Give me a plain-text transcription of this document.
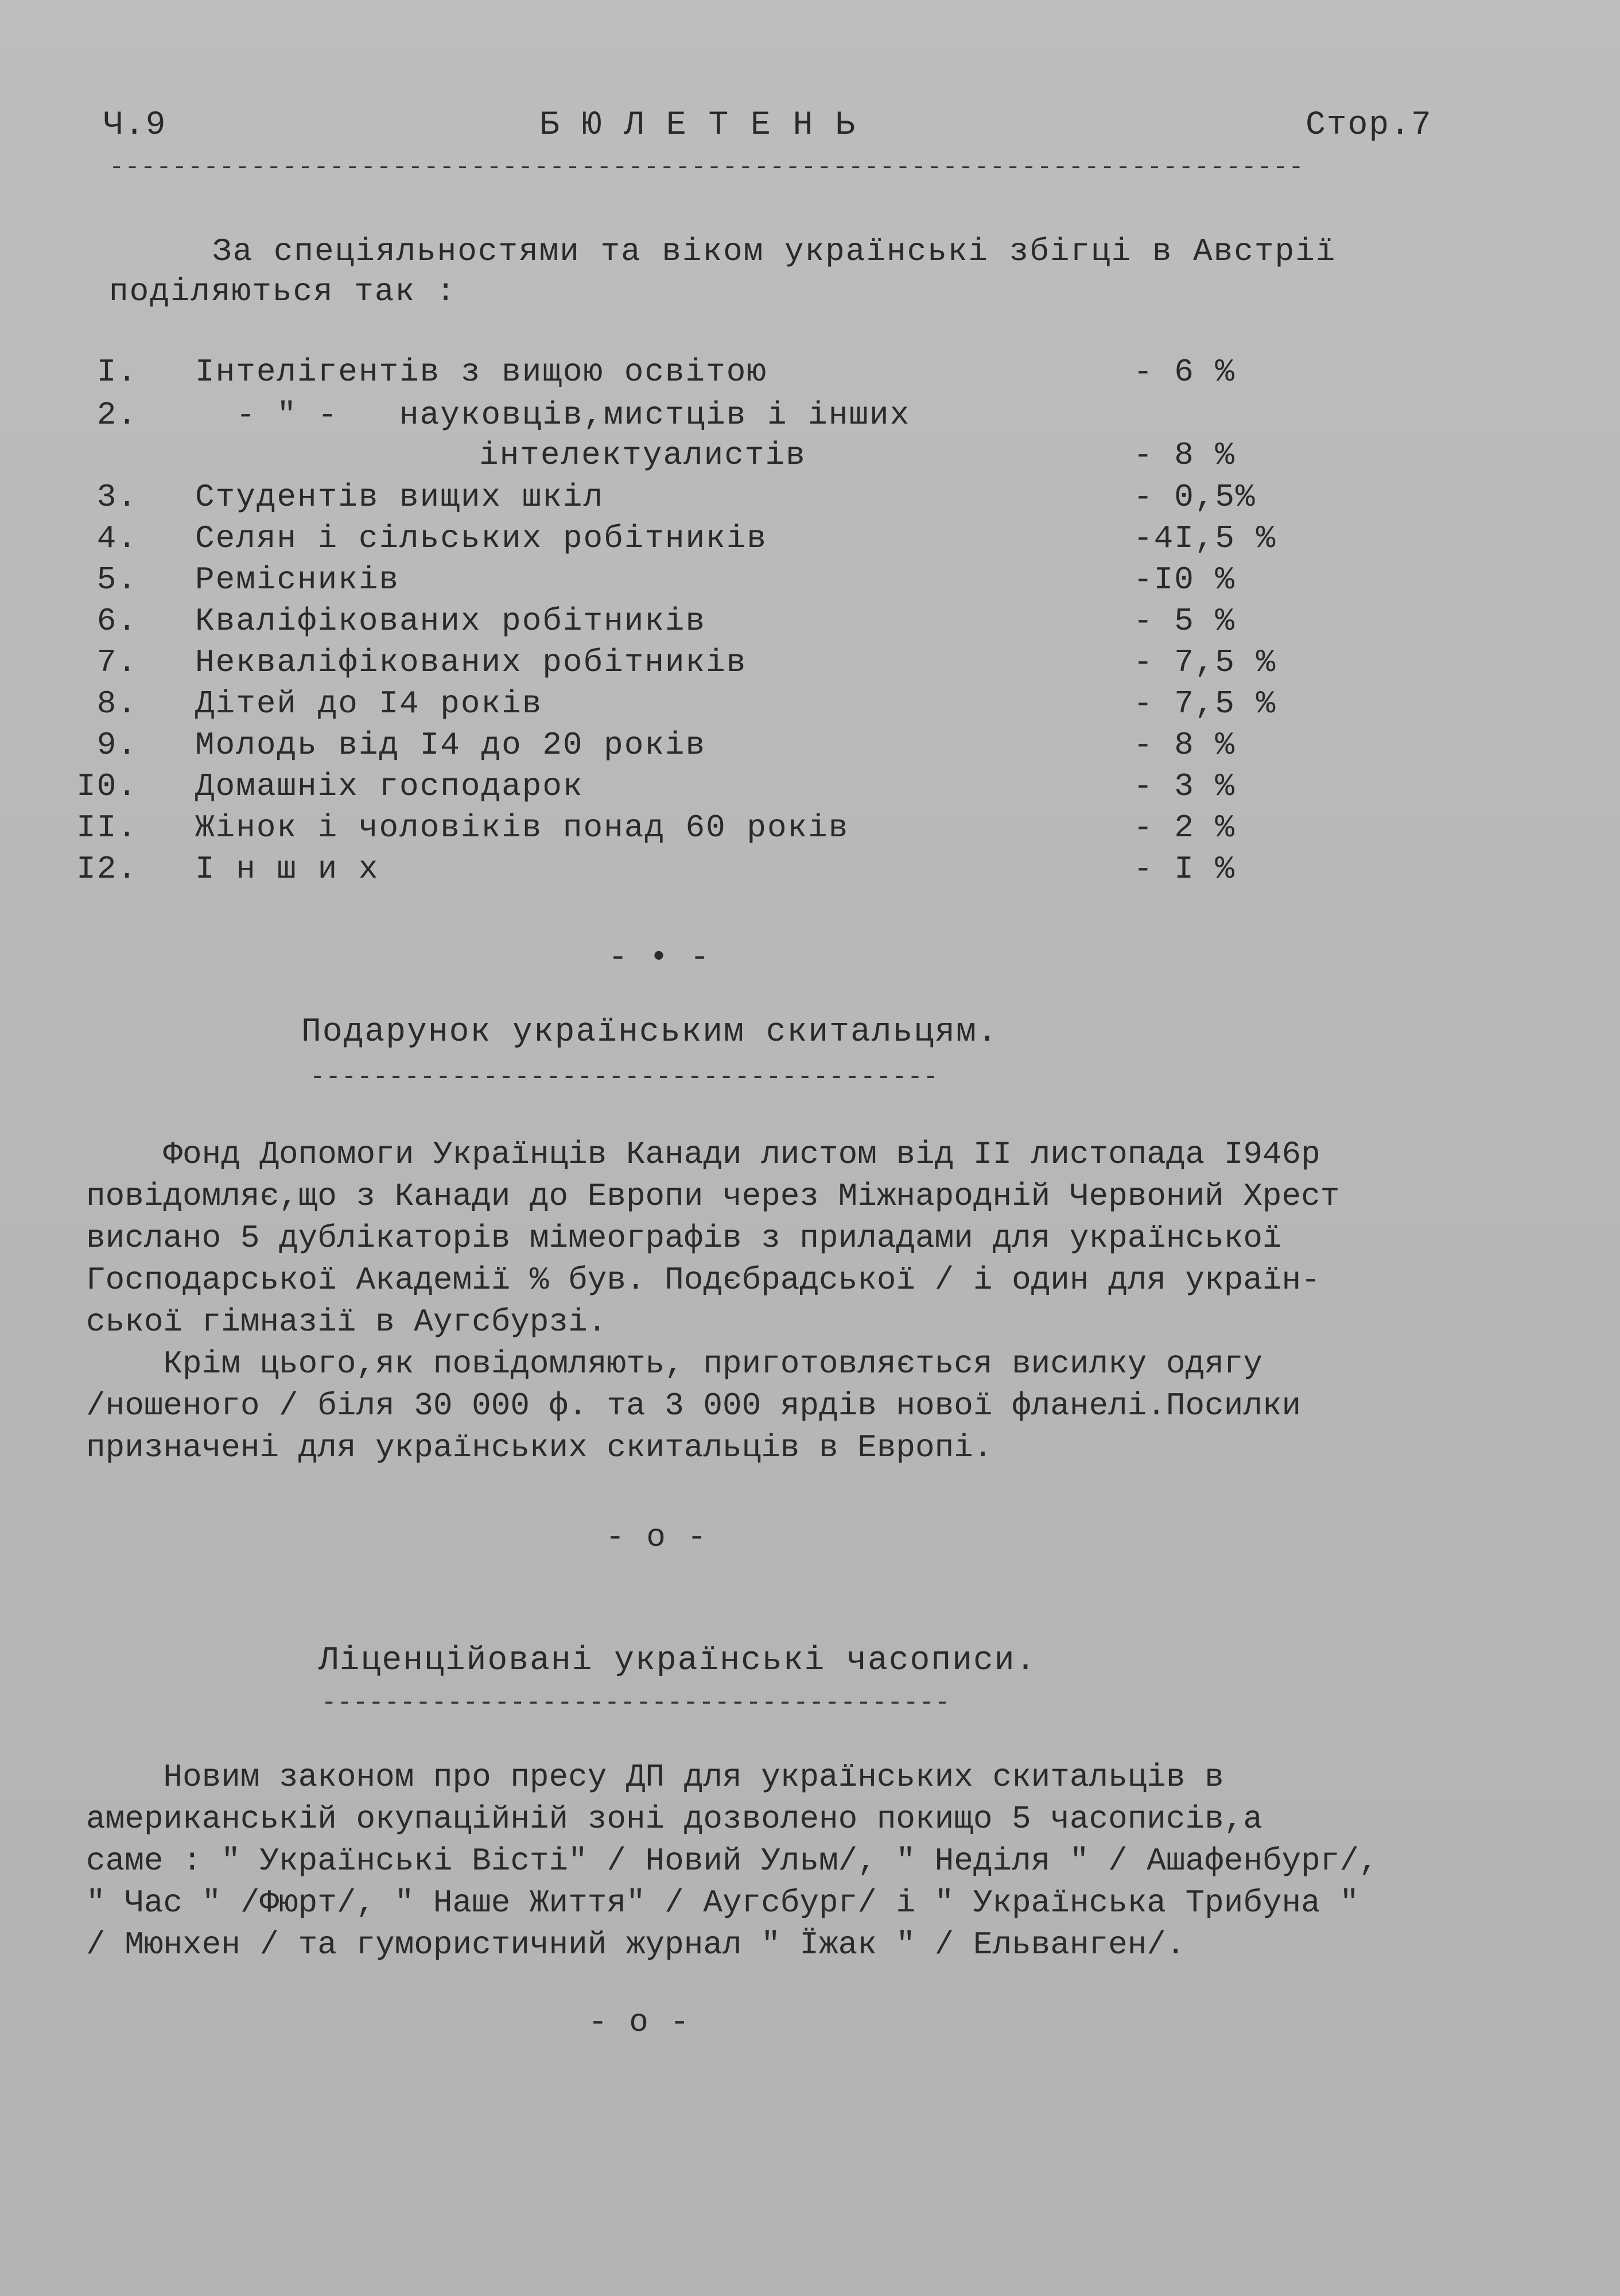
Ч.9	Б Ю Л Е Т Е Н Ь	Стор.7
----------------------------------------------------------------------------
За спеціяльностями та віком українські збігці в Австрії
поділяються так :
I. Інтелігентів з вищою освітою	- 6 %
2. - " -   науковців,мистців і інших
інтелектуалистів	- 8 %
3. Студентів вищих шкіл	- 0,5%
4. Селян і сільських робітників	-4I,5 %
5. Ремісників	-I0 %
6. Кваліфікованих робітників	- 5 %
7. Некваліфікованих робітників	- 7,5 %
8. Дітей до I4 років	- 7,5 %
9. Молодь від I4 до 20 років	- 8 %
I0. Домашніх господарок	- 3 %
II. Жінок і чоловіків понад 60 років	- 2 %
I2. І н ш и х	- I %
- • -
Подарунок українським скитальцям.
----------------------------------------
Фонд Допомоги Українців Канади листом від II листопада I946р
повідомляє,що з Канади до Европи через Міжнародній Червоний Хрест
вислано 5 дублікаторів мімеографів з приладами для української
Господарської Академії % був. Подєбрадської / і один для україн-
ської гімназії в Аугсбурзі.
Крім цього,як повідомляють, приготовляється висилку одягу
/ношеного / біля 30 000 ф. та 3 000 ярдів нової фланелі.Посилки
призначені для українських скитальців в Европі.
- о -
Ліценційовані українські часописи.
----------------------------------------
Новим законом про пресу ДП для українських скитальців в
американській окупаційній зоні дозволено покищо 5 часописів,а
саме : " Українські Вісті" / Новий Ульм/, " Неділя " / Ашафенбург/,
" Час " /Фюрт/, " Наше Життя" / Аугсбург/ і " Українська Трибуна "
/ Мюнхен / та гумористичний журнал " Їжак " / Ельванген/.
- о -
